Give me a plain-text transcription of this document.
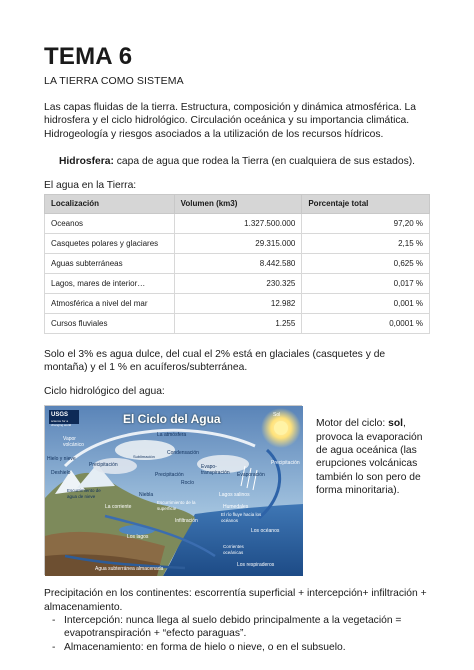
TEMA 6
LA TIERRA COMO SISTEMA

Las capas fluidas de la tierra. Estructura, composición y dinámica atmosférica. La hidrosfera y el ciclo hidrológico. Circulación oceánica y su importancia climática. Hidrogeología y riesgos asociados a la utilización de los recursos hídricos.

Hidrosfera: capa de agua que rodea la Tierra (en cualquiera de sus estados).

El agua en la Tierra:
Localización	Volumen (km3)	Porcentaje total
Oceanos	1.327.500.000	97,20 %
Casquetes polares y glaciares	29.315.000	2,15 %
Aguas subterráneas	8.442.580	0,625 %
Lagos, mares de interior…	230.325	0,017 %
Atmosférica a nivel del mar	12.982	0,001 %
Cursos fluviales	1.255	0,0001 %

Solo el 3% es agua dulce, del cual el 2% está en glaciales (casquetes y de montaña) y el 1 % en acuíferos/subterránea.

Ciclo hidrológico del agua:

USGS
science for a changing world	El Ciclo del Agua	Sol
La atmósfera
Vapor volcánico
Hielo y nieve
Condensación
Sublimación
Precipitación	Precipitación
Precipitación
Evapo-transpiración	Evaporación
Rocío
Deshielo
Escurrimiento de agua de nieve	Niebla
La corriente
Lagos salinos
Escurrimiento de la superficie	Humedales
El río fluye hacia los océanos
Infiltración
Los lagos
Los océanos
Corrientes oceánicas
Los respiraderos
Agua subterránea almacenada

Motor del ciclo: sol, provoca la evaporación de agua oceánica (las erupciones volcánicas también lo son pero de forma minoritaria).

Precipitación en los continentes: escorrentía superficial + intercepción+ infiltración + almacenamiento.

- Intercepción: nunca llega al suelo debido principalmente a la vegetación = evapotranspiración + “efecto paraguas”.
- Almacenamiento: en forma de hielo o nieve, o en el subsuelo.
